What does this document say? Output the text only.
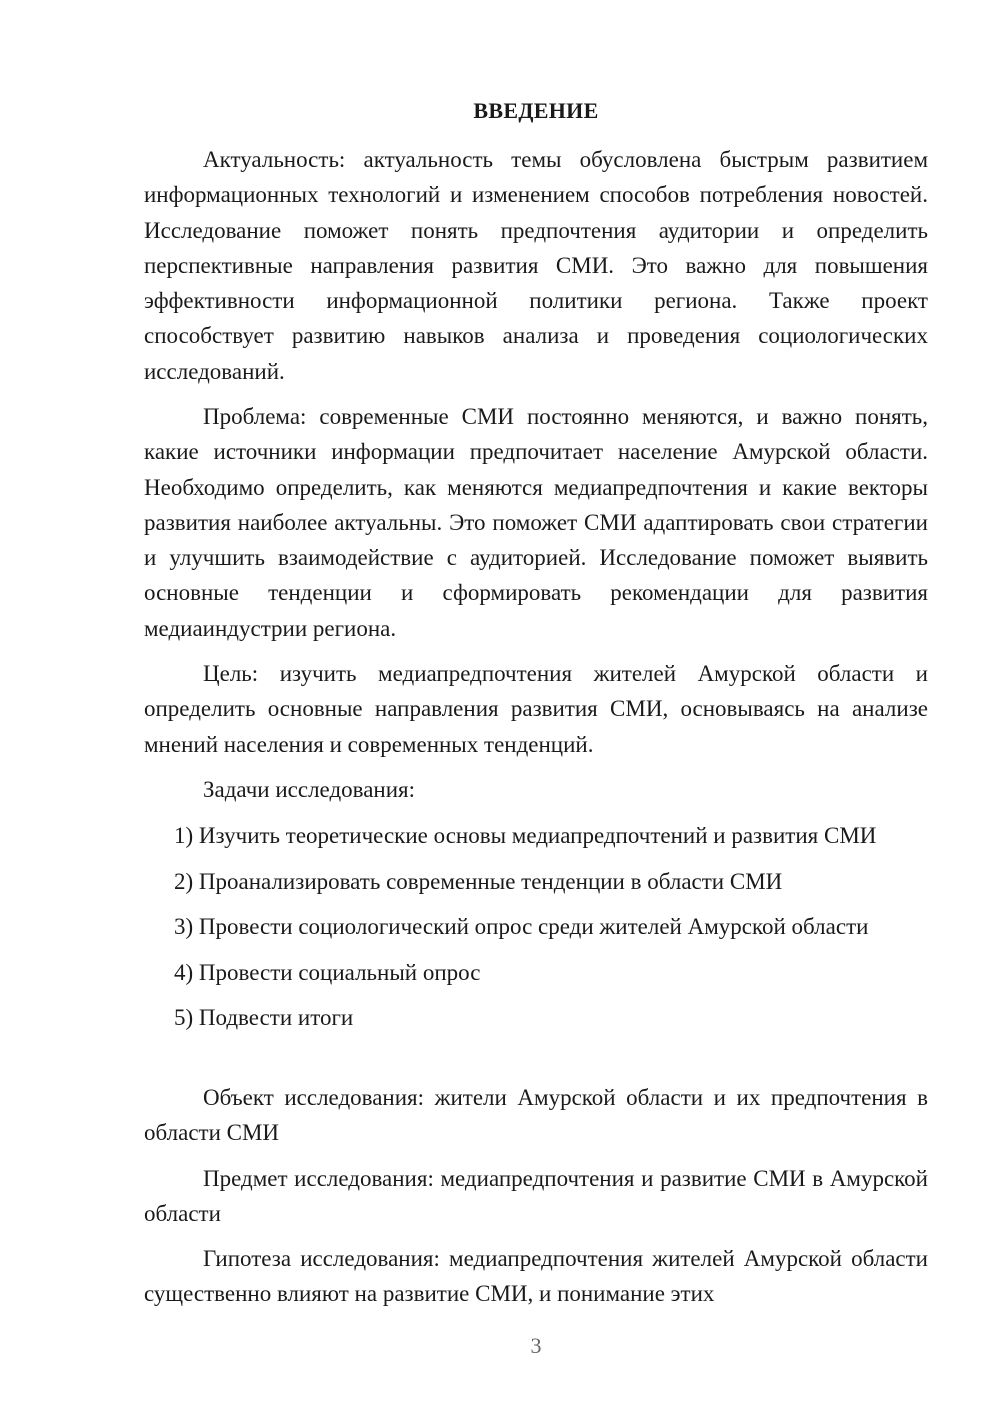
ВВЕДЕНИЕ

Актуальность: актуальность темы обусловлена быстрым развитием информационных технологий и изменением способов потребления новостей. Исследование поможет понять предпочтения аудитории и определить перспективные направления развития СМИ. Это важно для повышения эффективности информационной политики региона. Также проект способствует развитию навыков анализа и проведения социологических исследований.

Проблема: современные СМИ постоянно меняются, и важно понять, какие источники информации предпочитает население Амурской области. Необходимо определить, как меняются медиапредпочтения и какие векторы развития наиболее актуальны. Это поможет СМИ адаптировать свои стратегии и улучшить взаимодействие с аудиторией. Исследование поможет выявить основные тенденции и сформировать рекомендации для развития медиаиндустрии региона.

Цель: изучить медиапредпочтения жителей Амурской области и определить основные направления развития СМИ, основываясь на анализе мнений населения и современных тенденций.

Задачи исследования:

1) Изучить теоретические основы медиапредпочтений и развития СМИ
2) Проанализировать современные тенденции в области СМИ
3) Провести социологический опрос среди жителей Амурской области
4) Провести социальный опрос
5) Подвести итоги

Объект исследования: жители Амурской области и их предпочтения в области СМИ

Предмет исследования: медиапредпочтения и развитие СМИ в Амурской области

Гипотеза исследования: медиапредпочтения жителей Амурской области существенно влияют на развитие СМИ, и понимание этих

3
